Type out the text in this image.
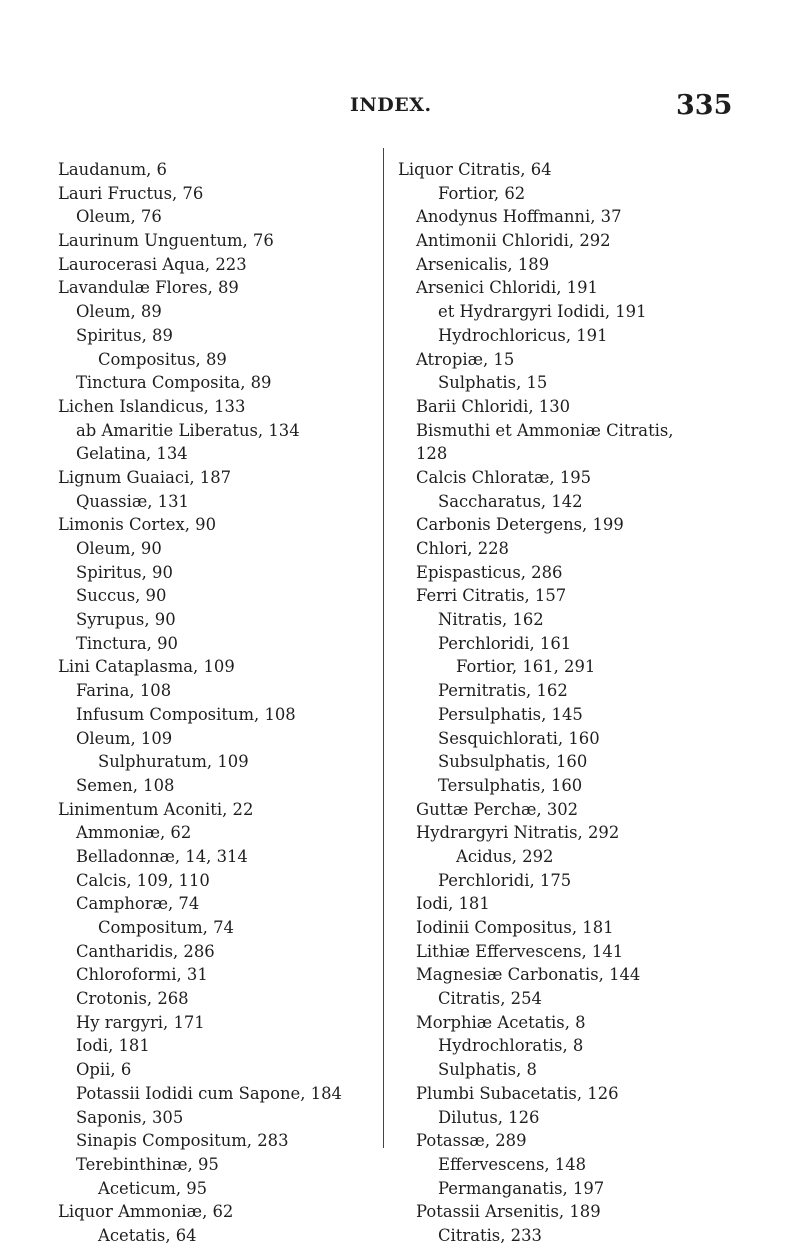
INDEX.	335
Laudanum, 6
Lauri Fructus, 76
Oleum, 76
Laurinum Unguentum, 76
Laurocerasi Aqua, 223
Lavandulæ Flores, 89
Oleum, 89
Spiritus, 89
Compositus, 89
Tinctura Composita, 89
Lichen Islandicus, 133
ab Amaritie Liberatus, 134
Gelatina, 134
Lignum Guaiaci, 187
Quassiæ, 131
Limonis Cortex, 90
Oleum, 90
Spiritus, 90
Succus, 90
Syrupus, 90
Tinctura, 90
Lini Cataplasma, 109
Farina, 108
Infusum Compositum, 108
Oleum, 109
Sulphuratum, 109
Semen, 108
Linimentum Aconiti, 22
Ammoniæ, 62
Belladonnæ, 14, 314
Calcis, 109, 110
Camphoræ, 74
Compositum, 74
Cantharidis, 286
Chloroformi, 31
Crotonis, 268
Hy rargyri, 171
Iodi, 181
Opii, 6
Potassii Iodidi cum Sapone, 184
Saponis, 305
Sinapis Compositum, 283
Terebinthinæ, 95
Aceticum, 95
Liquor Ammoniæ, 62
Acetatis, 64
Liquor Citratis, 64
Fortior, 62
Anodynus Hoffmanni, 37
Antimonii Chloridi, 292
Arsenicalis, 189
Arsenici Chloridi, 191
et Hydrargyri Iodidi, 191
Hydrochloricus, 191
Atropiæ, 15
Sulphatis, 15
Barii Chloridi, 130
Bismuthi et Ammoniæ Citratis,
128
Calcis Chloratæ, 195
Saccharatus, 142
Carbonis Detergens, 199
Chlori, 228
Epispasticus, 286
Ferri Citratis, 157
Nitratis, 162
Perchloridi, 161
Fortior, 161, 291
Pernitratis, 162
Persulphatis, 145
Sesquichlorati, 160
Subsulphatis, 160
Tersulphatis, 160
Guttæ Perchæ, 302
Hydrargyri Nitratis, 292
Acidus, 292
Perchloridi, 175
Iodi, 181
Iodinii Compositus, 181
Lithiæ Effervescens, 141
Magnesiæ Carbonatis, 144
Citratis, 254
Morphiæ Acetatis, 8
Hydrochloratis, 8
Sulphatis, 8
Plumbi Subacetatis, 126
Dilutus, 126
Potassæ, 289
Effervescens, 148
Permanganatis, 197
Potassii Arsenitis, 189
Citratis, 233
